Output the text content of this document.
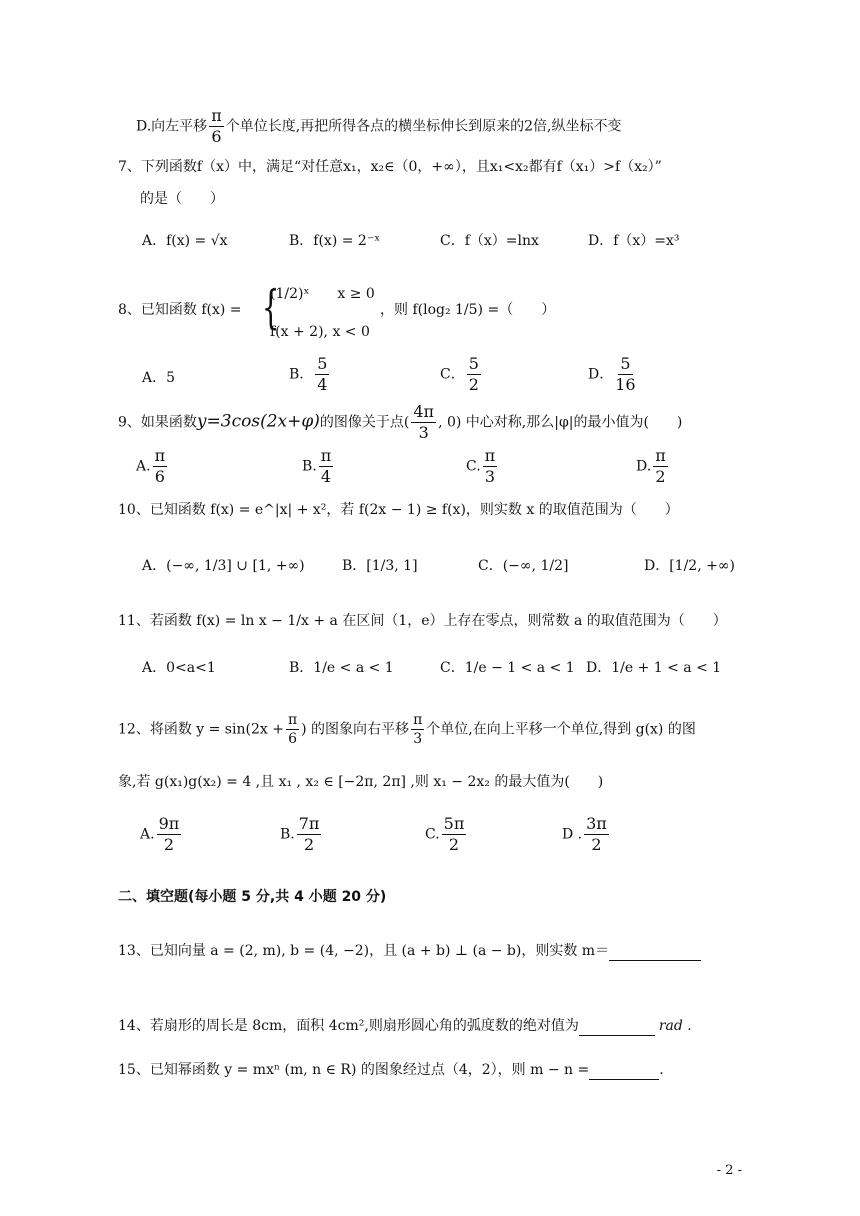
D.向左平移 $\frac{\pi}{6}$ 个单位长度,再把所得各点的横坐标伸长到原来的2倍,纵坐标不变
7、下列函数f（x）中，满足“对任意x₁，x₂∈（0，+∞），且x₁<x₂都有f（x₁）>f（x₂）”
的是（　　）
A．f(x) = √x	B．f(x) = 2⁻ˣ	C．f（x）=lnx	D．f（x）=x³
8、已知函数 f(x) = {
(1/2)ˣ　　x ≥ 0
f(x + 2), x < 0
，则 f(log₂ 1/5) =（　　）
A．5	B． $\frac{5}{4}$	C． $\frac{5}{2}$	D． $\frac{5}{16}$
9、如果函数y=3cos(2x+φ)的图像关于点( $\frac{4\pi}{3}$ , 0) 中心对称,那么|φ|的最小值为(　　)
A. $\frac{\pi}{6}$	B. $\frac{\pi}{4}$	C. $\frac{\pi}{3}$	D. $\frac{\pi}{2}$
10、已知函数 f(x) = e^|x| + x²，若 f(2x − 1) ≥ f(x)，则实数 x 的取值范围为（　　）
A．(−∞, 1/3] ∪ [1, +∞)	B．[1/3, 1]	C．(−∞, 1/2]	D．[1/2, +∞)
11、若函数 f(x) = ln x − 1/x + a 在区间（1，e）上存在零点，则常数 a 的取值范围为（　　）
A．0<a<1	B．1/e < a < 1	C．1/e − 1 < a < 1 D．1/e + 1 < a < 1
12、将函数 $y = \sin(2x + \frac{\pi}{6}$ ) 的图象向右平移 $\frac{\pi}{3}$ 个单位,在向上平移一个单位,得到 g(x) 的图
象,若 g(x₁)g(x₂) = 4 ,且 x₁ , x₂ ∈ [−2π, 2π] ,则 x₁ − 2x₂ 的最大值为(　　)
A. $\frac{9\pi}{2}$	B. $\frac{7\pi}{2}$	C. $\frac{5\pi}{2}$	D . $\frac{3\pi}{2}$
二、填空题(每小题 5 分,共 4 小题 20 分)
13、已知向量 a = (2, m), b = (4, −2)，且 (a + b) ⊥ (a − b)，则实数 m＝
14、若扇形的周长是 8cm，面积 4cm²,则扇形圆心角的弧度数的绝对值为	rad .
15、已知幂函数 y = mxⁿ (m, n ∈ R) 的图象经过点（4，2），则 m − n =	.
- 2 -
